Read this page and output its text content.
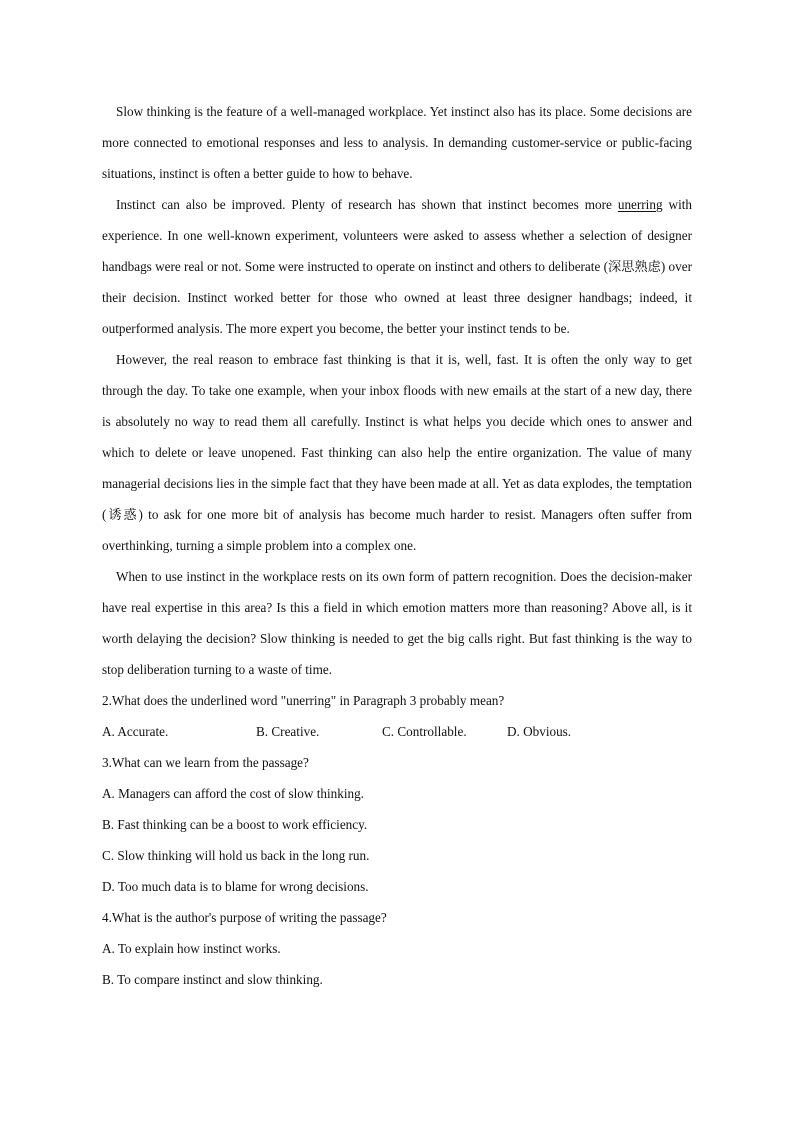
Slow thinking is the feature of a well-managed workplace. Yet instinct also has its place. Some decisions are more connected to emotional responses and less to analysis. In demanding customer-service or public-facing situations, instinct is often a better guide to how to behave.

Instinct can also be improved. Plenty of research has shown that instinct becomes more unerring with experience. In one well-known experiment, volunteers were asked to assess whether a selection of designer handbags were real or not. Some were instructed to operate on instinct and others to deliberate (深思熟虑) over their decision. Instinct worked better for those who owned at least three designer handbags; indeed, it outperformed analysis. The more expert you become, the better your instinct tends to be.

However, the real reason to embrace fast thinking is that it is, well, fast. It is often the only way to get through the day. To take one example, when your inbox floods with new emails at the start of a new day, there is absolutely no way to read them all carefully. Instinct is what helps you decide which ones to answer and which to delete or leave unopened. Fast thinking can also help the entire organization. The value of many managerial decisions lies in the simple fact that they have been made at all. Yet as data explodes, the temptation (诱惑) to ask for one more bit of analysis has become much harder to resist. Managers often suffer from overthinking, turning a simple problem into a complex one.

When to use instinct in the workplace rests on its own form of pattern recognition. Does the decision-maker have real expertise in this area? Is this a field in which emotion matters more than reasoning? Above all, is it worth delaying the decision? Slow thinking is needed to get the big calls right. But fast thinking is the way to stop deliberation turning to a waste of time.

2.What does the underlined word "unerring" in Paragraph 3 probably mean?

A. Accurate.	B. Creative.	C. Controllable.	D. Obvious.

3.What can we learn from the passage?

A. Managers can afford the cost of slow thinking.

B. Fast thinking can be a boost to work efficiency.

C. Slow thinking will hold us back in the long run.

D. Too much data is to blame for wrong decisions.

4.What is the author's purpose of writing the passage?

A. To explain how instinct works.

B. To compare instinct and slow thinking.
